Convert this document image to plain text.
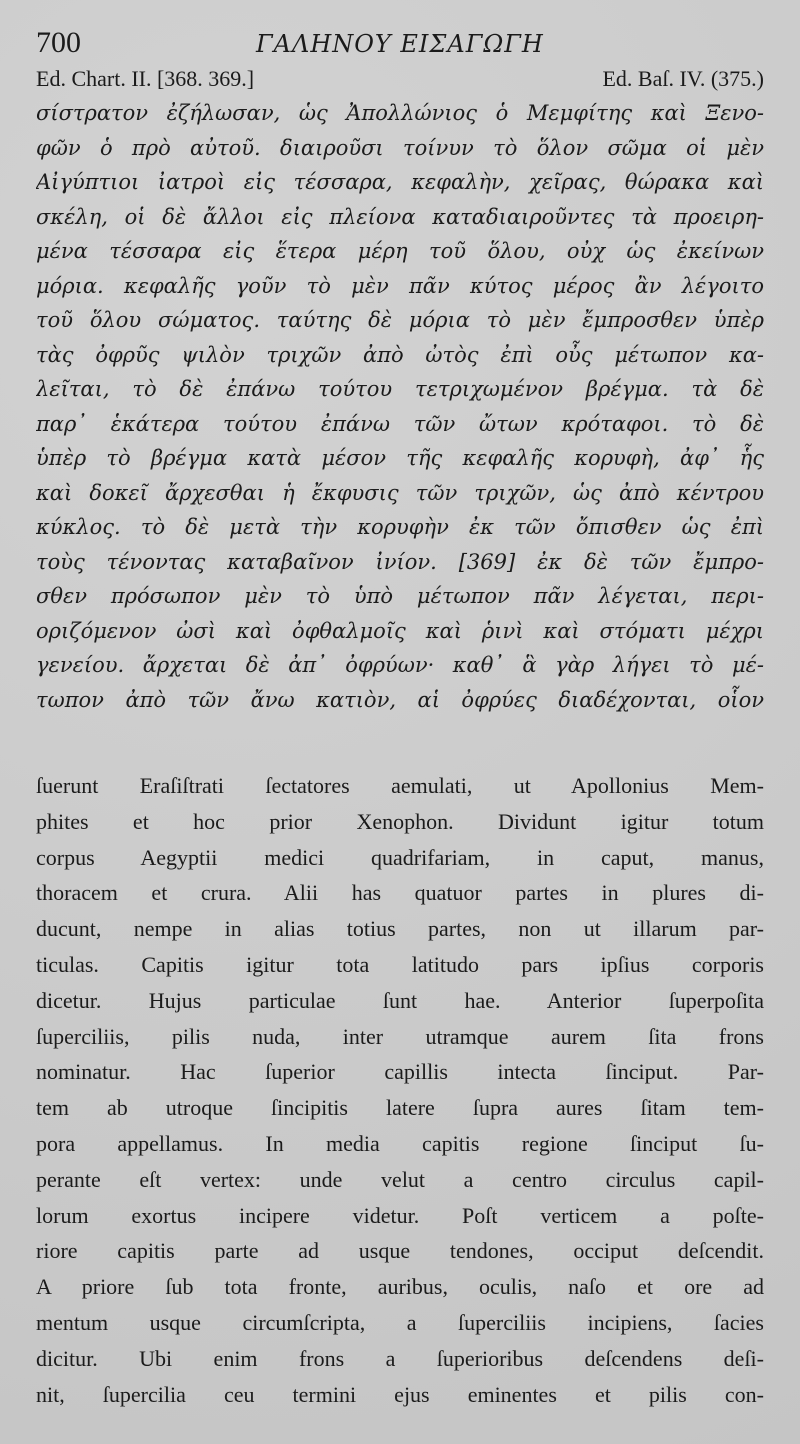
700	ΓΑΛΗΝΟΥ ΕΙΣΑΓΩΓΗ
Ed. Chart. II. [368. 369.]	Ed. Baſ. IV. (375.)
σίστρατον ἐζήλωσαν, ὡς Ἀπολλώνιος ὁ Μεμφίτης καὶ Ξενο-
φῶν ὁ πρὸ αὐτοῦ. διαιροῦσι τοίνυν τὸ ὅλον σῶμα οἱ μὲν
Αἰγύπτιοι ἰατροὶ εἰς τέσσαρα, κεφαλὴν, χεῖρας, θώρακα καὶ
σκέλη, οἱ δὲ ἄλλοι εἰς πλείονα καταδιαιροῦντες τὰ προειρη-
μένα τέσσαρα εἰς ἕτερα μέρη τοῦ ὅλου, οὐχ ὡς ἐκείνων
μόρια. κεφαλῆς γοῦν τὸ μὲν πᾶν κύτος μέρος ἂν λέγοιτο
τοῦ ὅλου σώματος. ταύτης δὲ μόρια τὸ μὲν ἔμπροσθεν ὑπὲρ
τὰς ὀφρῦς ψιλὸν τριχῶν ἀπὸ ὠτὸς ἐπὶ οὖς μέτωπον κα-
λεῖται, τὸ δὲ ἐπάνω τούτου τετριχωμένον βρέγμα. τὰ δὲ
παρ᾽ ἑκάτερα τούτου ἐπάνω τῶν ὤτων κρόταφοι. τὸ δὲ
ὑπὲρ τὸ βρέγμα κατὰ μέσον τῆς κεφαλῆς κορυφὴ, ἀφ᾽ ἧς
καὶ δοκεῖ ἄρχεσθαι ἡ ἔκφυσις τῶν τριχῶν, ὡς ἀπὸ κέντρου
κύκλος. τὸ δὲ μετὰ τὴν κορυφὴν ἐκ τῶν ὄπισθεν ὡς ἐπὶ
τοὺς τένοντας καταβαῖνον ἰνίον. [369] ἐκ δὲ τῶν ἔμπρο-
σθεν πρόσωπον μὲν τὸ ὑπὸ μέτωπον πᾶν λέγεται, περι-
οριζόμενον ὠσὶ καὶ ὀφθαλμοῖς καὶ ῥινὶ καὶ στόματι μέχρι
γενείου. ἄρχεται δὲ ἀπ᾽ ὀφρύων· καθ᾽ ἃ γὰρ λήγει τὸ μέ-
τωπον ἀπὸ τῶν ἄνω κατιὸν, αἱ ὀφρύες διαδέχονται, οἷον
ſuerunt Eraſiſtrati ſectatores aemulati, ut Apollonius Mem-
phites et hoc prior Xenophon. Dividunt igitur totum
corpus Aegyptii medici quadrifariam, in caput, manus,
thoracem et crura. Alii has quatuor partes in plures di-
ducunt, nempe in alias totius partes, non ut illarum par-
ticulas. Capitis igitur tota latitudo pars ipſius corporis
dicetur. Hujus particulae ſunt hae. Anterior ſuperpoſita
ſuperciliis, pilis nuda, inter utramque aurem ſita frons
nominatur. Hac ſuperior capillis intecta ſinciput. Par-
tem ab utroque ſincipitis latere ſupra aures ſitam tem-
pora appellamus. In media capitis regione ſinciput ſu-
perante eſt vertex: unde velut a centro circulus capil-
lorum exortus incipere videtur. Poſt verticem a poſte-
riore capitis parte ad usque tendones, occiput deſcendit.
A priore ſub tota fronte, auribus, oculis, naſo et ore ad
mentum usque circumſcripta, a ſuperciliis incipiens, ſacies
dicitur. Ubi enim frons a ſuperioribus deſcendens deſi-
nit, ſupercilia ceu termini ejus eminentes et pilis con-
